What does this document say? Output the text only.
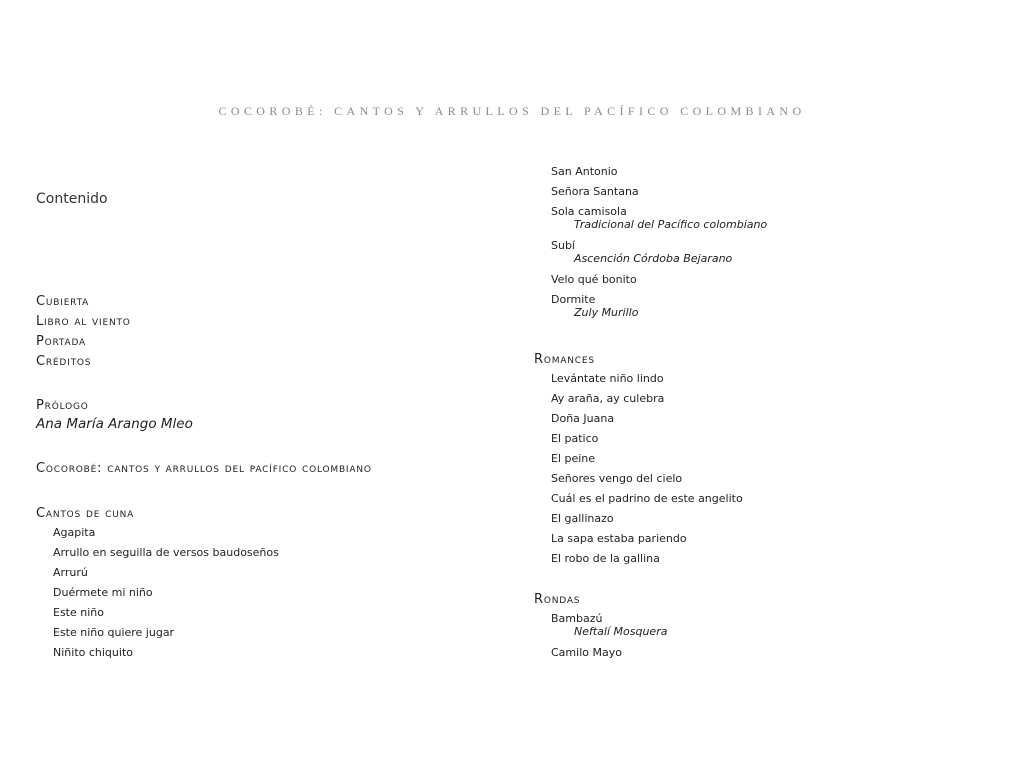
COCOROBÉ: CANTOS Y ARRULLOS DEL PACÍFICO COLOMBIANO
Contenido
Cubierta
Libro al viento
Portada
Créditos
Prólogo
Ana María Arango Mleo
Cocorobé: cantos y arrullos del pacífico colombiano
Cantos de cuna
Agapita
Arrullo en seguilla de versos baudoseños
Arrurú
Duérmete mi niño
Este niño
Este niño quiere jugar
Niñito chiquito
San Antonio
Señora Santana
Sola camisola
Tradicional del Pacífico colombiano
Subí
Ascención Córdoba Bejarano
Velo qué bonito
Dormite
Zuly Murillo
Romances
Levántate niño lindo
Ay araña, ay culebra
Doña Juana
El patico
El peine
Señores vengo del cielo
Cuál es el padrino de este angelito
El gallinazo
La sapa estaba pariendo
El robo de la gallina
Rondas
Bambazú
Neftalí Mosquera
Camilo Mayo
